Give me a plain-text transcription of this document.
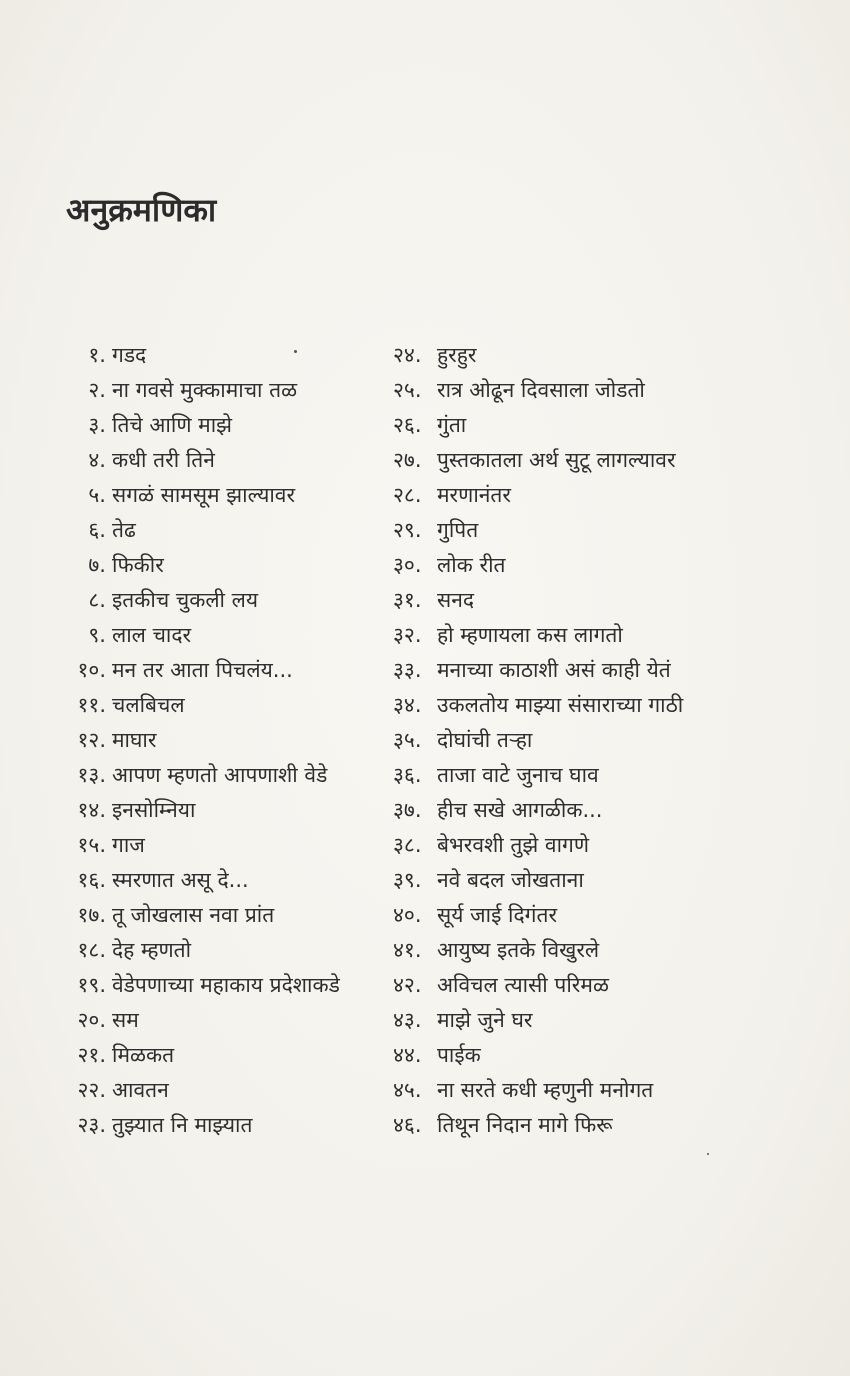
अनुक्रमणिका
१. गडद
२. ना गवसे मुक्कामाचा तळ
३. तिचे आणि माझे
४. कधी तरी तिने
५. सगळं सामसूम झाल्यावर
६. तेढ
७. फिकीर
८. इतकीच चुकली लय
९. लाल चादर
१०. मन तर आता पिचलंय...
११. चलबिचल
१२. माघार
१३. आपण म्हणतो आपणाशी वेडे
१४. इनसोम्निया
१५. गाज
१६. स्मरणात असू दे...
१७. तू जोखलास नवा प्रांत
१८. देह म्हणतो
१९. वेडेपणाच्या महाकाय प्रदेशाकडे
२०. सम
२१. मिळकत
२२. आवतन
२३. तुझ्यात नि माझ्यात
२४. हुरहुर
२५. रात्र ओढून दिवसाला जोडतो
२६. गुंता
२७. पुस्तकातला अर्थ सुटू लागल्यावर
२८. मरणानंतर
२९. गुपित
३०. लोक रीत
३१. सनद
३२. हो म्हणायला कस लागतो
३३. मनाच्या काठाशी असं काही येतं
३४. उकलतोय माझ्या संसाराच्या गाठी
३५. दोघांची तऱ्हा
३६. ताजा वाटे जुनाच घाव
३७. हीच सखे आगळीक...
३८. बेभरवशी तुझे वागणे
३९. नवे बदल जोखताना
४०. सूर्य जाई दिगंतर
४१. आयुष्य इतके विखुरले
४२. अविचल त्यासी परिमळ
४३. माझे जुने घर
४४. पाईक
४५. ना सरते कधी म्हणुनी मनोगत
४६. तिथून निदान मागे फिरू
